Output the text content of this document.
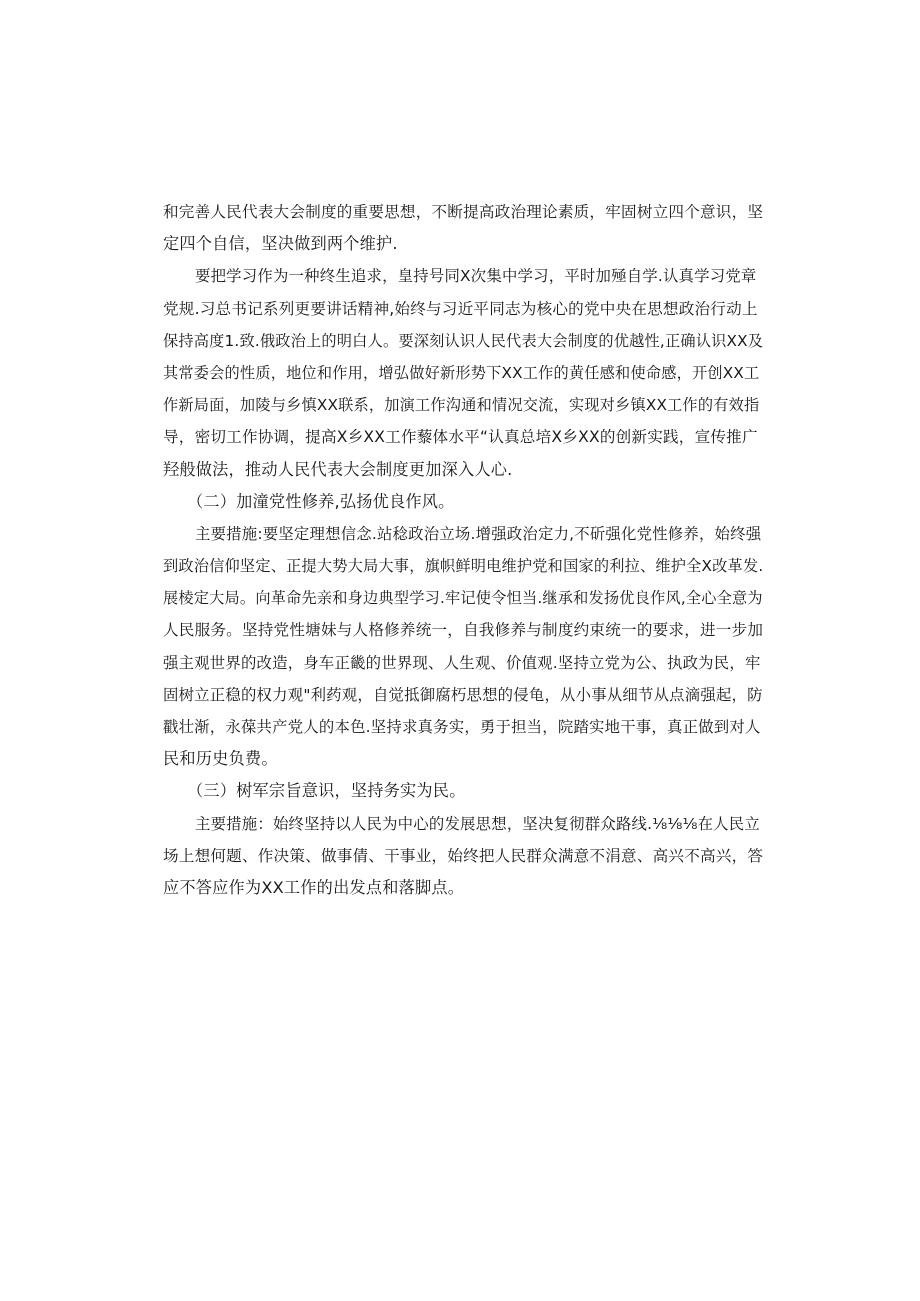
和完善人民代表大会制度的重要思想，不断提高政治理论素质，牢固树立四个意识，坚
定四个自信，坚决做到两个维护.
要把学习作为一种终生追求，皇持号同X次集中学习，平时加殛自学.认真学习党章
党规.习总书记系列更要讲话精神,始终与习近平同志为核心的党中央在思想政治行动上
保持高度1.致.俄政治上的明白人。要深刻认识人民代表大会制度的优越性,正确认识XX及
其常委会的性质，地位和作用，增弘做好新形势下XX工作的黄任感和使命感，开创XX工
作新局面，加陵与乡慎XX联系，加演工作沟通和情况交流，实现对乡镇XX工作的有效指
导，密切工作协调，提高X乡XX工作藜体水平“认真总培X乡XX的创新实践，宣传推广
羟般做法，推动人民代表大会制度更加深入人心.
（二）加潼党性修养,弘扬优良作风。
主要措施:要坚定理想信念.站稔政治立场.增强政治定力,不斫强化党性修养，始终强
到政治信仰坚定、正提大势大局大事，旗帜鲜明电维护党和国家的利拉、维护全X改革发.
展棱定大局。向革命先亲和身边典型学习.牢记使令怛当.继承和发扬优良作风,全心全意为
人民服务。坚持党性塘妹与人格修养统一，自我修养与制度约束统一的要求，进一步加
强主观世界的改造，身车正畿的世界现、人生观、价值观.坚持立党为公、执政为民，牢
固树立正稳的权力观"利药观，自觉抵御腐朽思想的侵龟，从小事从细节从点滴强起，防
戳壮渐，永葆共产党人的本色.坚持求真务实，勇于担当，院踏实地干事，真正做到对人
民和历史负费。
（三）树军宗旨意识，坚持务实为民。
主要措施：始终坚持以人民为中心的发展思想，坚决复彻群众路线.⅛⅛⅛在人民立
场上想何题、作决策、做事倩、干事业，始终把人民群众满意不涓意、高兴不高兴，答
应不答应作为XX工作的出发点和落脚点。
